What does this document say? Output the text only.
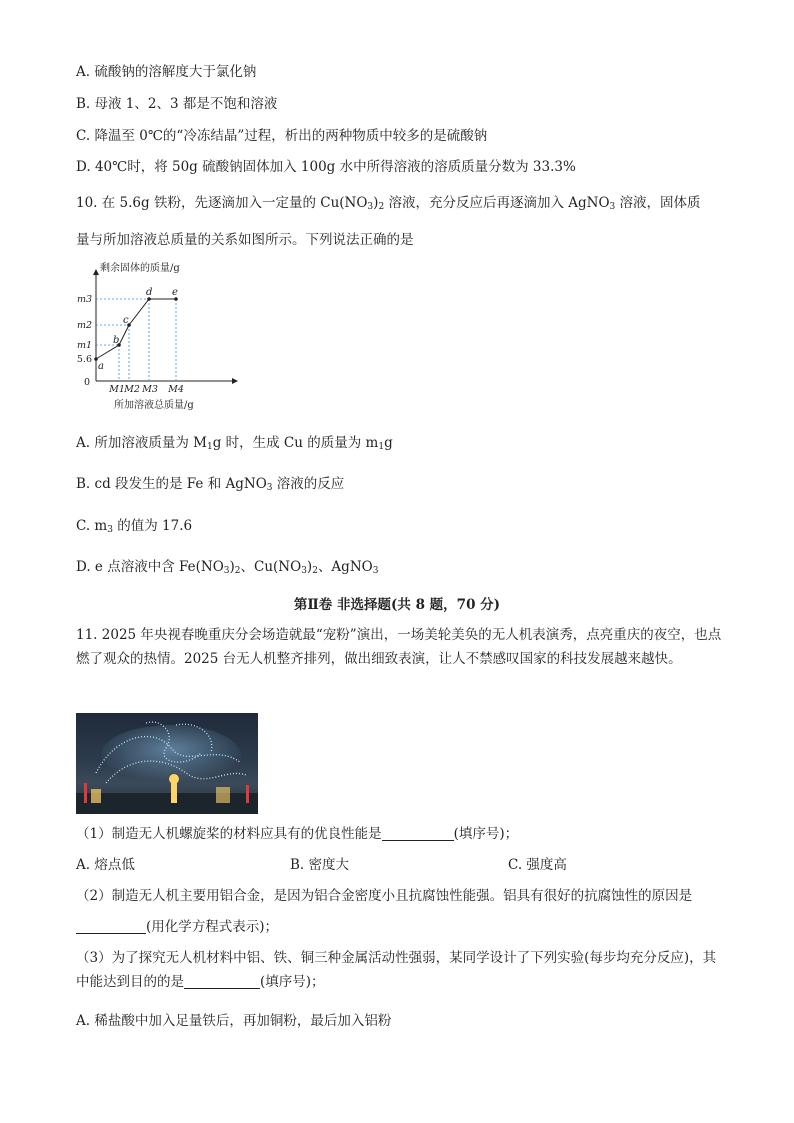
A. 硫酸钠的溶解度大于氯化钠
B. 母液 1、2、3 都是不饱和溶液
C. 降温至 0℃的“冷冻结晶”过程，析出的两种物质中较多的是硫酸钠
D. 40℃时，将 50g 硫酸钠固体加入 100g 水中所得溶液的溶质质量分数为 33.3%
10. 在 5.6g 铁粉，先逐滴加入一定量的 $Cu(NO_3)_2$ 溶液，充分反应后再逐滴加入 AgNO$_3$ 溶液，固体质
量与所加溶液总质量的关系如图所示。下列说法正确的是
剩余固体的质量/g
a
b
c
d e
m3
m2
m1
5.6
0
M1 M2 M3 M4
所加溶液总质量/g
A. 所加溶液质量为 $M_1g$ 时，生成 Cu 的质量为 $m_1g$
B. cd 段发生的是 Fe 和 AgNO$_3$ 溶液的反应
C. $m_3$ 的值为 17.6
D. e 点溶液中含 $Fe(NO_3)_2$、$Cu(NO_3)_2$、AgNO$_3$
第Ⅱ卷 非选择题(共 8 题，70 分)
11. 2025 年央视春晚重庆分会场造就最“宠粉”演出，一场美轮美奂的无人机表演秀，点亮重庆的夜空，也点燃了观众的热情。2025 台无人机整齐排列，做出细致表演，让人不禁感叹国家的科技发展越来越快。
（1）制造无人机螺旋桨的材料应具有的优良性能是	(填序号)；
A. 熔点低	B. 密度大	C. 强度高
（2）制造无人机主要用铝合金，是因为铝合金密度小且抗腐蚀性能强。铝具有很好的抗腐蚀性的原因是
(用化学方程式表示)；
（3）为了探究无人机材料中铝、铁、铜三种金属活动性强弱，某同学设计了下列实验(每步均充分反应)，其中能达到目的的是	(填序号)；
A. 稀盐酸中加入足量铁后，再加铜粉，最后加入铝粉
